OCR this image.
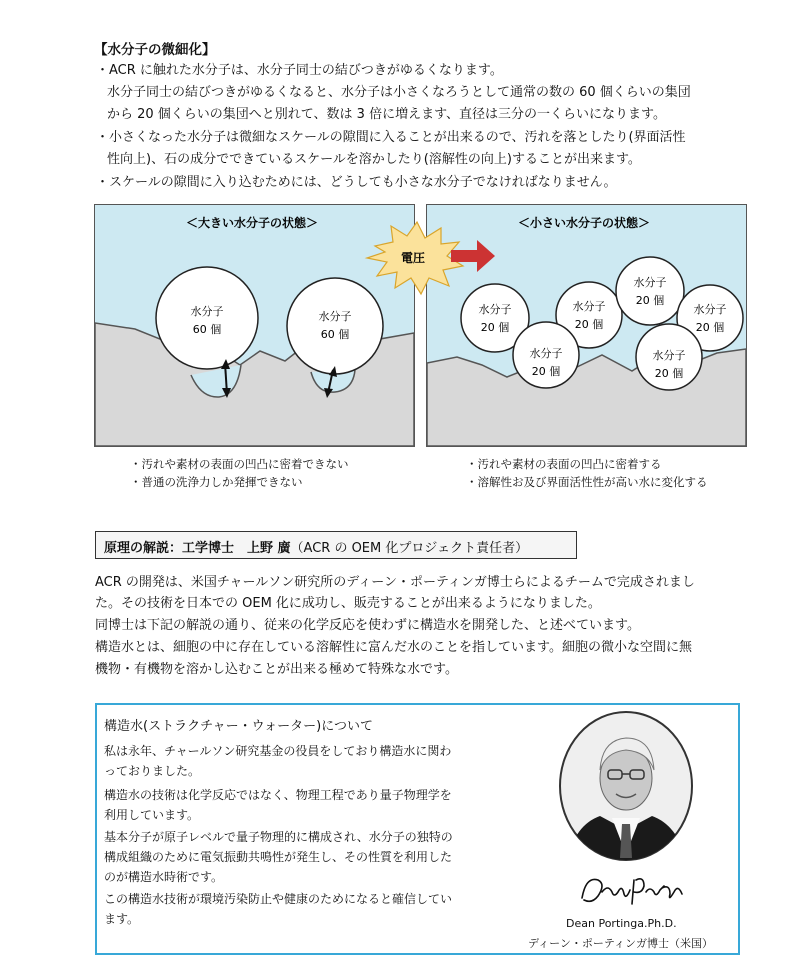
【水分子の微細化】
・ACR に触れた水分子は、水分子同士の結びつきがゆるくなります。
水分子同士の結びつきがゆるくなると、水分子は小さくなろうとして通常の数の 60 個くらいの集団
から 20 個くらいの集団へと別れて、数は 3 倍に増えます、直径は三分の一くらいになります。
・小さくなった水分子は微細なスケールの隙間に入ることが出来るので、汚れを落としたり(界面活性
性向上)、石の成分でできているスケールを溶かしたり(溶解性の向上)することが出来ます。
・スケールの隙間に入り込むためには、どうしても小さな水分子でなければなりません。
＜大きい水分子の状態＞
水分子
60 個
水分子
60 個
＜小さい水分子の状態＞
水分子
20 個
水分子
20 個
水分子
20 個
水分子
20 個
水分子
20 個
水分子
20 個
電圧
・汚れや素材の表面の凹凸に密着できない
・普通の洗浄力しか発揮できない
・汚れや素材の表面の凹凸に密着する
・溶解性お及び界面活性性が高い水に変化する
原理の解説：工学博士　上野 廣（ACR の OEM 化プロジェクト責任者）
ACR の開発は、米国チャールソン研究所のディーン・ポーティンガ博士らによるチームで完成されまし
た。その技術を日本での OEM 化に成功し、販売することが出来るようになりました。
同博士は下記の解説の通り、従来の化学反応を使わずに構造水を開発した、と述べています。
構造水とは、細胞の中に存在している溶解性に富んだ水のことを指しています。細胞の微小な空間に無
機物・有機物を溶かし込むことが出来る極めて特殊な水です。
構造水(ストラクチャー・ウォーター)について
私は永年、チャールソン研究基金の役員をしており構造水に関わ
っておりました。
構造水の技術は化学反応ではなく、物理工程であり量子物理学を
利用しています。
基本分子が原子レベルで量子物理的に構成され、水分子の独特の
構成組織のために電気振動共鳴性が発生し、その性質を利用した
のが構造水時術です。
この構造水技術が環境汚染防止や健康のためになると確信してい
ます。	Dean Portinga.Ph.D.
ディーン・ポーティンガ博士（米国）
